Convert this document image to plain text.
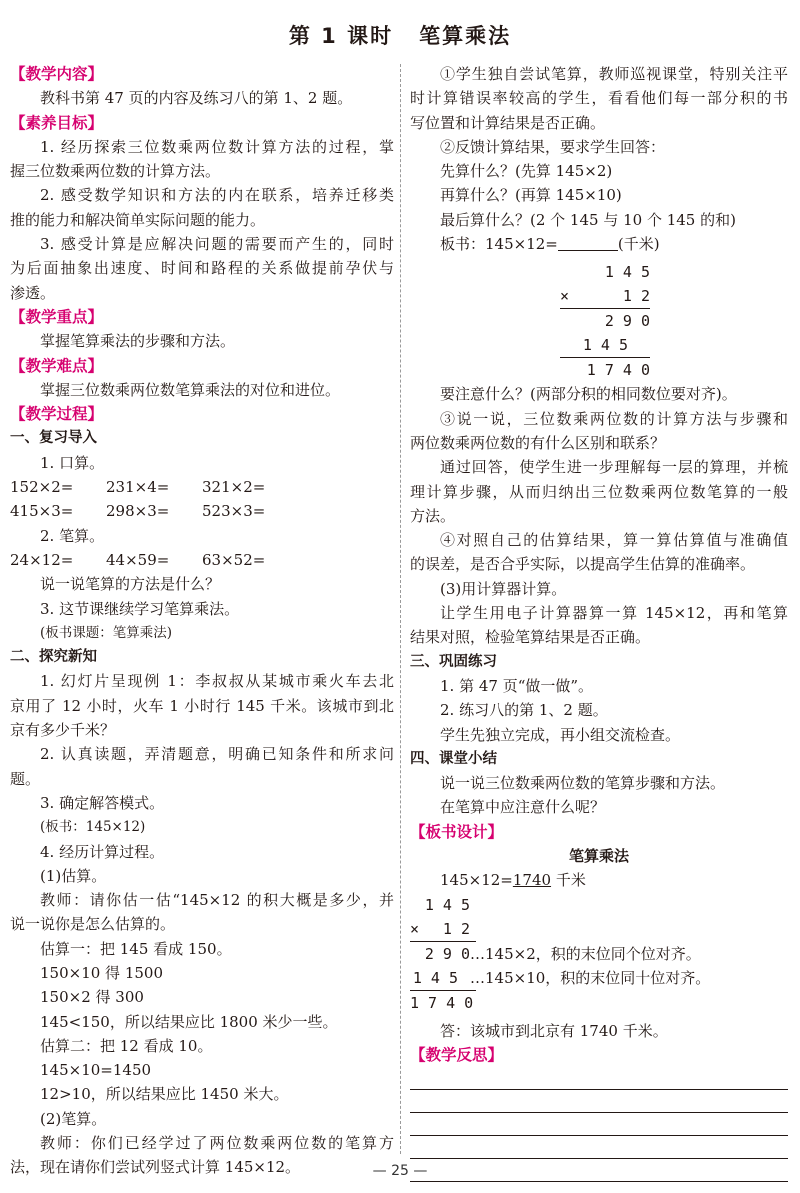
第 1 课时 笔算乘法
【教学内容】
教科书第 47 页的内容及练习八的第 1、2 题。
【素养目标】
1. 经历探索三位数乘两位数计算方法的过程，掌
握三位数乘两位数的计算方法。
2. 感受数学知识和方法的内在联系，培养迁移类
推的能力和解决简单实际问题的能力。
3. 感受计算是应解决问题的需要而产生的，同时
为后面抽象出速度、时间和路程的关系做提前孕伏与
渗透。
【教学重点】
掌握笔算乘法的步骤和方法。
【教学难点】
掌握三位数乘两位数笔算乘法的对位和进位。
【教学过程】
一、复习导入
1. 口算。
152×2= 231×4= 321×2=
415×3= 298×3= 523×3=
2. 笔算。
24×12= 44×59= 63×52=
说一说笔算的方法是什么？
3. 这节课继续学习笔算乘法。
(板书课题：笔算乘法)
二、探究新知
1. 幻灯片呈现例 1：李叔叔从某城市乘火车去北
京用了 12 小时，火车 1 小时行 145 千米。该城市到北
京有多少千米？
2. 认真读题，弄清题意，明确已知条件和所求问
题。
3. 确定解答模式。
(板书：145×12)
4. 经历计算过程。
(1)估算。
教师：请你估一估“145×12 的积大概是多少，并
说一说你是怎么估算的。
估算一：把 145 看成 150。
150×10 得 1500
150×2 得 300
145<150，所以结果应比 1800 米少一些。
估算二：把 12 看成 10。
145×10=1450
12>10，所以结果应比 1450 米大。
(2)笔算。
教师：你们已经学过了两位数乘两位数的笔算方
法，现在请你们尝试列竖式计算 145×12。
①学生独自尝试笔算，教师巡视课堂，特别关注平
时计算错误率较高的学生，看看他们每一部分积的书
写位置和计算结果是否正确。
②反馈计算结果，要求学生回答：
先算什么？(先算 145×2)
再算什么？(再算 145×10)
最后算什么？(2 个 145 与 10 个 145 的和)
板书：145×12=	(千米)
1 4 5
×	1 2
2 9 0
1 4 5
1 7 4 0
要注意什么？(两部分积的相同数位要对齐)。
③说一说，三位数乘两位数的计算方法与步骤和
两位数乘两位数的有什么区别和联系？
通过回答，使学生进一步理解每一层的算理，并梳
理计算步骤，从而归纳出三位数乘两位数笔算的一般
方法。
④对照自己的估算结果，算一算估算值与准确值
的误差，是否合乎实际，以提高学生估算的准确率。
(3)用计算器计算。
让学生用电子计算器算一算 145×12，再和笔算
结果对照，检验笔算结果是否正确。
三、巩固练习
1. 第 47 页“做一做”。
2. 练习八的第 1、2 题。
学生先独立完成，再小组交流检查。
四、课堂小结
说一说三位数乘两位数的笔算步骤和方法。
在笔算中应注意什么呢？
【板书设计】
笔算乘法
145×12=1740 千米
1 4 5
× 1 2
2 9 0…145×2，积的末位同个位对齐。
1 4 5 …145×10，积的末位同十位对齐。
1 7 4 0
答：该城市到北京有 1740 千米。
【教学反思】
— 25 —
